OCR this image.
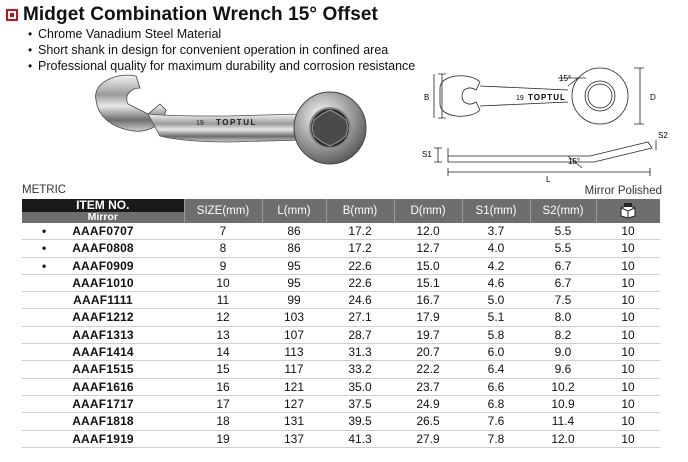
Midget Combination Wrench 15° Offset
• Chrome Vanadium Steel Material
• Short shank in design for convenient operation in confined area
• Professional quality for maximum durability and corrosion resistance
19 TOPTUL
15°
B	D
19 TOPTUL
S1
S2
15°
L
METRIC	Mirror Polished
ITEM NO.	SIZE(mm)	L(mm)	B(mm)	D(mm)	S1(mm)	S2(mm)	
Mirror							
• AAAF0707	7	86	17.2	12.0	3.7	5.5	10
• AAAF0808	8	86	17.2	12.7	4.0	5.5	10
• AAAF0909	9	95	22.6	15.0	4.2	6.7	10
AAAF1010	10	95	22.6	15.1	4.6	6.7	10
AAAF1111	11	99	24.6	16.7	5.0	7.5	10
AAAF1212	12	103	27.1	17.9	5.1	8.0	10
AAAF1313	13	107	28.7	19.7	5.8	8.2	10
AAAF1414	14	113	31.3	20.7	6.0	9.0	10
AAAF1515	15	117	33.2	22.2	6.4	9.6	10
AAAF1616	16	121	35.0	23.7	6.6	10.2	10
AAAF1717	17	127	37.5	24.9	6.8	10.9	10
AAAF1818	18	131	39.5	26.5	7.6	11.4	10
AAAF1919	19	137	41.3	27.9	7.8	12.0	10
